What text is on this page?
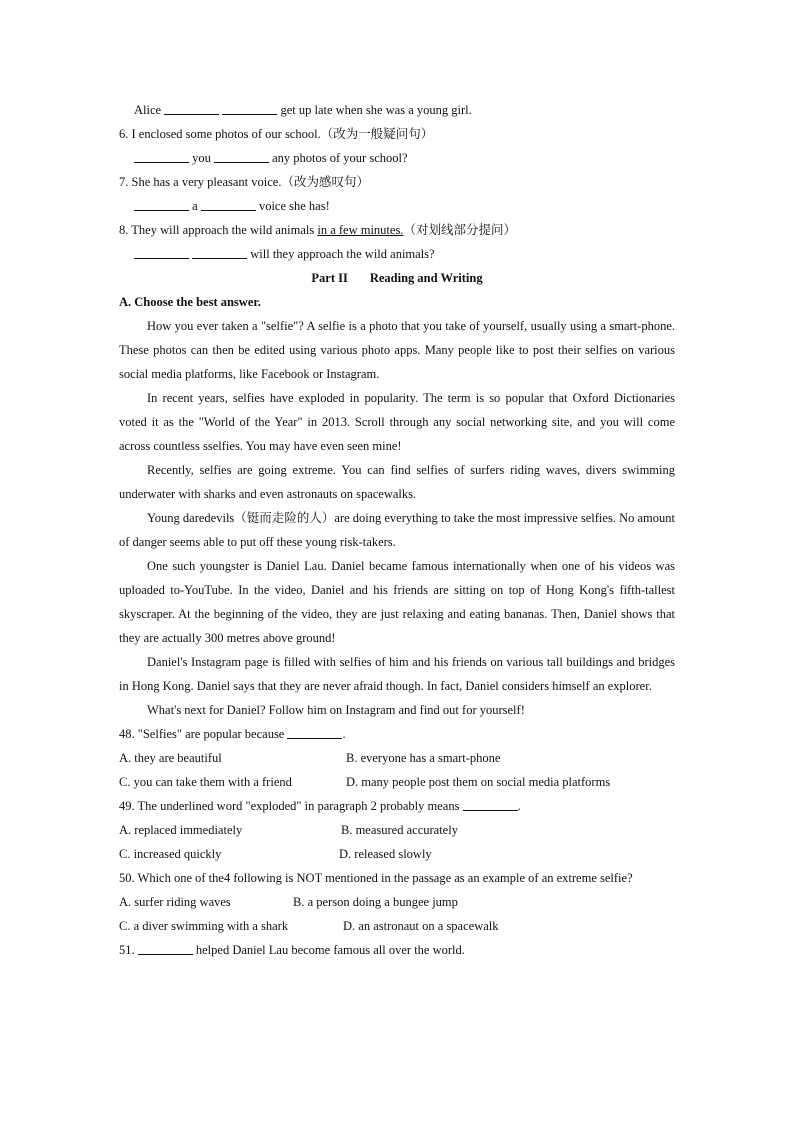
Alice	get up late when she was a young girl.
6. I enclosed some photos of our school.（改为一般疑问句）
you	any photos of your school?
7. She has a very pleasant voice.（改为感叹句）
a	voice she has!
8. They will approach the wild animals in a few minutes.（对划线部分提问）
will they approach the wild animals?
Part II Reading and Writing
A. Choose the best answer.
How you ever taken a "selfie"? A selfie is a photo that you take of yourself, usually using a smart-phone. These photos can then be edited using various photo apps. Many people like to post their selfies on various social media platforms, like Facebook or Instagram.
In recent years, selfies have exploded in popularity. The term is so popular that Oxford Dictionaries voted it as the "World of the Year" in 2013. Scroll through any social networking site, and you will come across countless sselfies. You may have even seen mine!
Recently, selfies are going extreme. You can find selfies of surfers riding waves, divers swimming underwater with sharks and even astronauts on spacewalks.
Young daredevils（铤而走险的人）are doing everything to take the most impressive selfies. No amount of danger seems able to put off these young risk-takers.
One such youngster is Daniel Lau. Daniel became famous internationally when one of his videos was uploaded to-YouTube. In the video, Daniel and his friends are sitting on top of Hong Kong's fifth-tallest skyscraper. At the beginning of the video, they are just relaxing and eating bananas. Then, Daniel shows that they are actually 300 metres above ground!
Daniel's Instagram page is filled with selfies of him and his friends on various tall buildings and bridges in Hong Kong. Daniel says that they are never afraid though. In fact, Daniel considers himself an explorer.
What's next for Daniel? Follow him on Instagram and find out for yourself!
48. "Selfies" are popular because	.
A. they are beautiful	B. everyone has a smart-phone
C. you can take them with a friend	D. many people post them on social media platforms
49. The underlined word "exploded" in paragraph 2 probably means	.
A. replaced immediately	B. measured accurately
C. increased quickly	D. released slowly
50. Which one of the4 following is NOT mentioned in the passage as an example of an extreme selfie?
A. surfer riding waves	B. a person doing a bungee jump
C. a diver swimming with a shark	D. an astronaut on a spacewalk
51.	helped Daniel Lau become famous all over the world.
